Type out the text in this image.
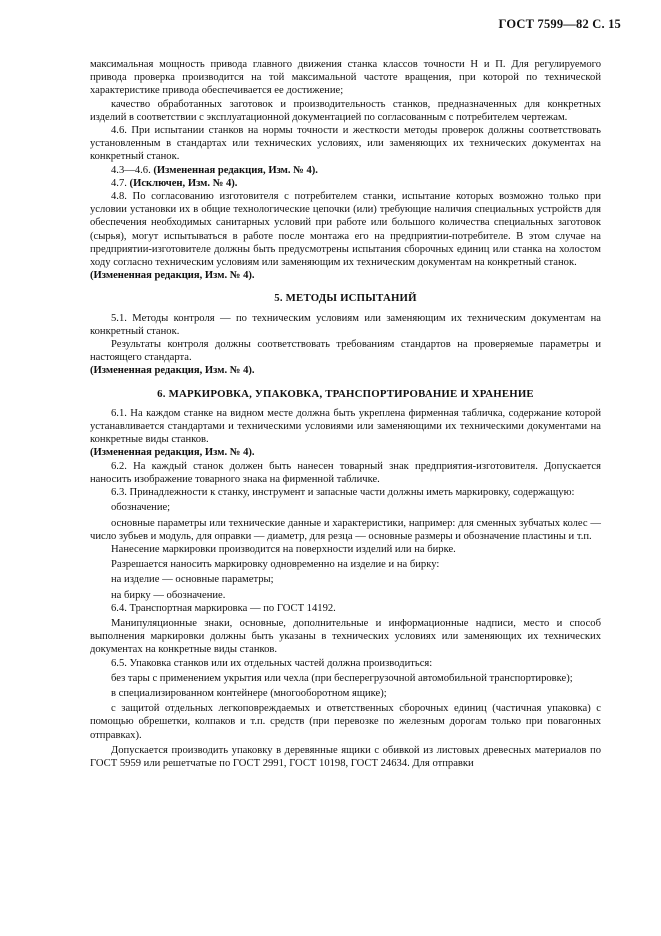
ГОСТ 7599—82 С. 15

максимальная мощность привода главного движения станка классов точности Н и П. Для регулируемого привода проверка производится на той максимальной частоте вращения, при которой по технической характеристике привода обеспечивается ее достижение;

качество обработанных заготовок и производительность станков, предназначенных для конкретных изделий в соответствии с эксплуатационной документацией по согласованным с потребителем чертежам.

4.6. При испытании станков на нормы точности и жесткости методы проверок должны соответствовать установленным в стандартах или технических условиях, или заменяющих их технических документах на конкретный станок.

4.3—4.6. (Измененная редакция, Изм. № 4).

4.7. (Исключен, Изм. № 4).

4.8. По согласованию изготовителя с потребителем станки, испытание которых возможно только при условии установки их в общие технологические цепочки (или) требующие наличия специальных устройств для обеспечения необходимых санитарных условий при работе или большого количества специальных заготовок (сырья), могут испытываться в работе после монтажа его на предприятии-потребителе. В этом случае на предприятии-изготовителе должны быть предусмотрены испытания сборочных единиц или станка на холостом ходу согласно техническим условиям или заменяющим их техническим документам на конкретный станок.

(Измененная редакция, Изм. № 4).

5. МЕТОДЫ ИСПЫТАНИЙ

5.1. Методы контроля — по техническим условиям или заменяющим их техническим документам на конкретный станок.

Результаты контроля должны соответствовать требованиям стандартов на проверяемые параметры и настоящего стандарта.

(Измененная редакция, Изм. № 4).

6. МАРКИРОВКА, УПАКОВКА, ТРАНСПОРТИРОВАНИЕ И ХРАНЕНИЕ

6.1. На каждом станке на видном месте должна быть укреплена фирменная табличка, содержание которой устанавливается стандартами и техническими условиями или заменяющими их техническими документами на конкретные виды станков.

(Измененная редакция, Изм. № 4).

6.2. На каждый станок должен быть нанесен товарный знак предприятия-изготовителя. Допускается наносить изображение товарного знака на фирменной табличке.

6.3. Принадлежности к станку, инструмент и запасные части должны иметь маркировку, содержащую:

обозначение;

основные параметры или технические данные и характеристики, например: для сменных зубчатых колес — число зубьев и модуль, для оправки — диаметр, для резца — основные размеры и обозначение пластины и т.п.

Нанесение маркировки производится на поверхности изделий или на бирке.

Разрешается наносить маркировку одновременно на изделие и на бирку:

на изделие — основные параметры;

на бирку — обозначение.

6.4. Транспортная маркировка — по ГОСТ 14192.

Манипуляционные знаки, основные, дополнительные и информационные надписи, место и способ выполнения маркировки должны быть указаны в технических условиях или заменяющих их технических документах на конкретные виды станков.

6.5. Упаковка станков или их отдельных частей должна производиться:

без тары с применением укрытия или чехла (при бесперегрузочной автомобильной транспортировке);

в специализированном контейнере (многооборотном ящике);

с защитой отдельных легкоповреждаемых и ответственных сборочных единиц (частичная упаковка) с помощью обрешетки, колпаков и т.п. средств (при перевозке по железным дорогам только при повагонных отправках).

Допускается производить упаковку в деревянные ящики с обивкой из листовых древесных материалов по ГОСТ 5959 или решетчатые по ГОСТ 2991, ГОСТ 10198, ГОСТ 24634. Для отправки
